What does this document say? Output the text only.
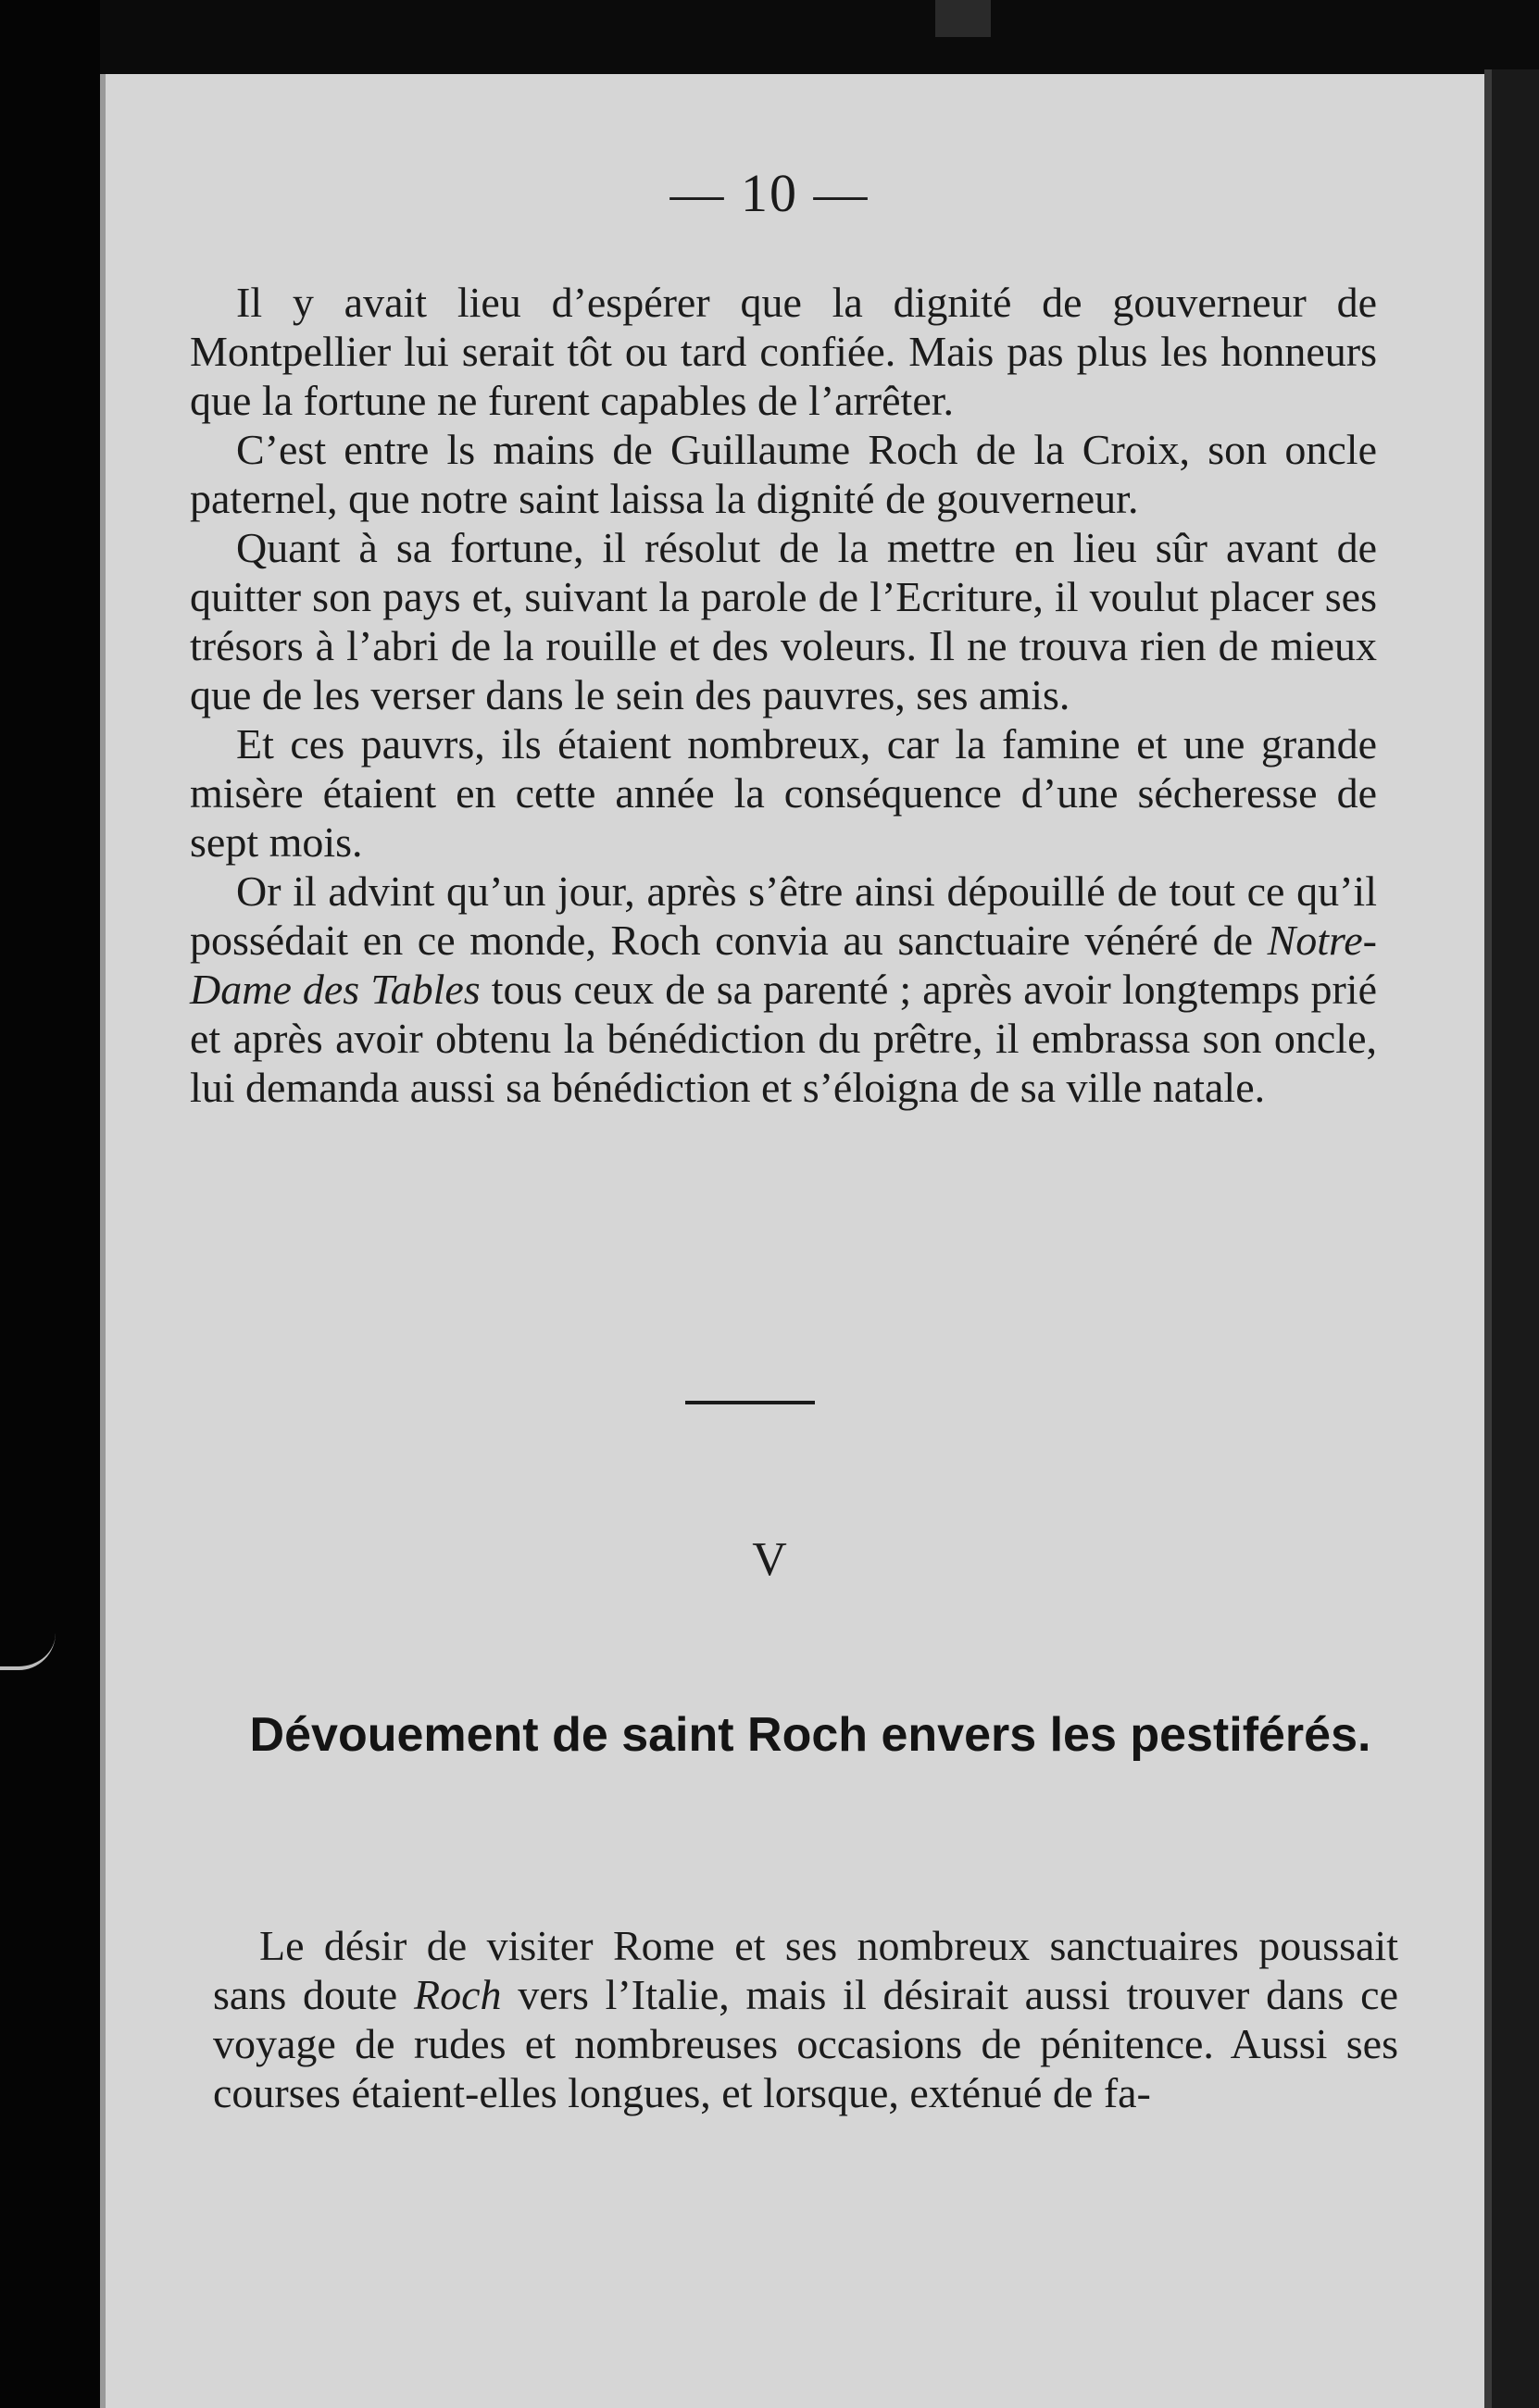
— 10 —

Il y avait lieu d’espérer que la dignité de gouverneur de Montpellier lui serait tôt ou tard confiée. Mais pas plus les honneurs que la fortune ne furent capables de l’arrêter.

C’est entre ls mains de Guillaume Roch de la Croix, son oncle paternel, que notre saint laissa la dignité de gouverneur.

Quant à sa fortune, il résolut de la mettre en lieu sûr avant de quitter son pays et, suivant la parole de l’Ecriture, il voulut placer ses trésors à l’abri de la rouille et des voleurs. Il ne trouva rien de mieux que de les verser dans le sein des pauvres, ses amis.

Et ces pauvrs, ils étaient nombreux, car la famine et une grande misère étaient en cette année la conséquence d’une sécheresse de sept mois.

Or il advint qu’un jour, après s’être ainsi dépouillé de tout ce qu’il possédait en ce monde, Roch convia au sanctuaire vénéré de Notre-Dame des Tables tous ceux de sa parenté ; après avoir longtemps prié et après avoir obtenu la bénédiction du prêtre, il embrassa son oncle, lui demanda aussi sa bénédiction et s’éloigna de sa ville natale.

V
Dévouement de saint Roch envers les pestiférés.

Le désir de visiter Rome et ses nombreux sanctuaires poussait sans doute Roch vers l’Italie, mais il désirait aussi trouver dans ce voyage de rudes et nombreuses occasions de pénitence. Aussi ses courses étaient-elles longues, et lorsque, exténué de fa-
